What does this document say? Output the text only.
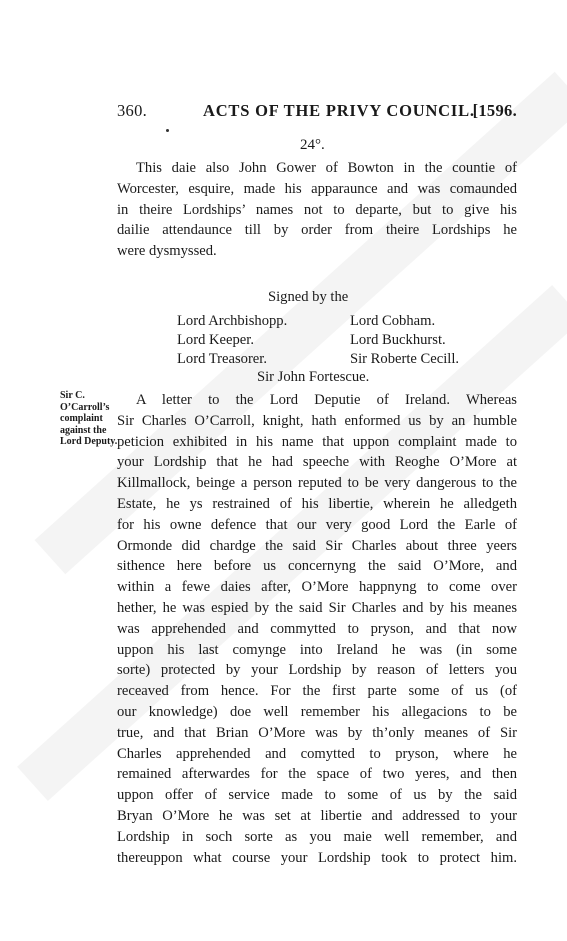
360.	ACTS OF THE PRIVY COUNCIL.
[1596.
24°.
This daie also John Gower of Bowton in the countie of
Worcester, esquire, made his apparaunce and was comaunded
in theire Lordships’ names not to departe, but to give his
dailie attendaunce till by order from theire Lordships he
were dysmyssed.
Signed by the
Lord Archbishopp.
Lord Keeper.
Lord Treasorer.
Lord Cobham.
Lord Buckhurst.
Sir Roberte Cecill.
Sir John Fortescue.
Sir C.
O’Carroll’s
complaint
against the
Lord Deputy.
A letter to the Lord Deputie of Ireland. Whereas
Sir Charles O’Carroll, knight, hath enformed us by an humble
peticion exhibited in his name that uppon complaint made to
your Lordship that he had speeche with Reoghe O’More at
Killmallock, beinge a person reputed to be very dangerous to the
Estate, he ys restrained of his libertie, wherein he alledgeth
for his owne defence that our very good Lord the Earle of
Ormonde did chardge the said Sir Charles about three yeers
sithence here before us concernyng the said O’More, and
within a fewe daies after, O’More happnyng to come over
hether, he was espied by the said Sir Charles and by his meanes
was apprehended and commytted to pryson, and that now
uppon his last comynge into Ireland he was (in some
sorte) protected by your Lordship by reason of letters you
receaved from hence. For the first parte some of us (of
our knowledge) doe well remember his allegacions to be
true, and that Brian O’More was by th’only meanes of Sir
Charles apprehended and comytted to pryson, where he
remained afterwardes for the space of two yeres, and then
uppon offer of service made to some of us by the said
Bryan O’More he was set at libertie and addressed to your
Lordship in soch sorte as you maie well remember, and
thereuppon what course your Lordship took to protect him.
